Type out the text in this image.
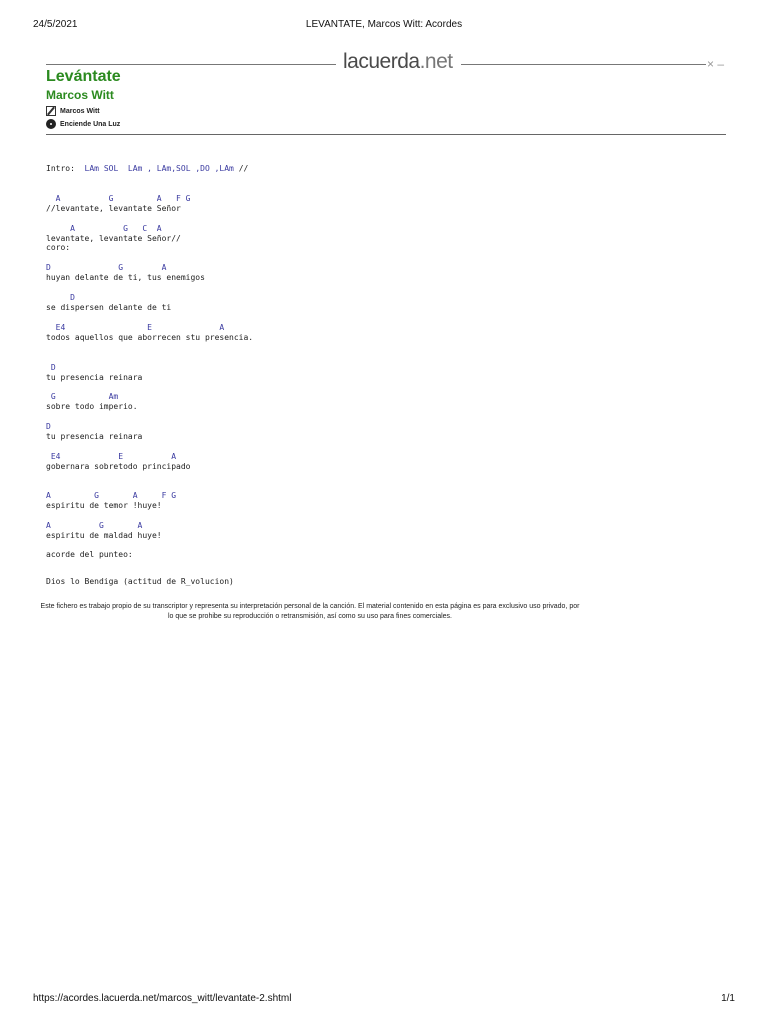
24/5/2021	LEVANTATE, Marcos Witt: Acordes
lacuerda.net	× –
Levántate
Marcos Witt
Marcos Witt
Enciende Una Luz
Intro: LAm SOL  LAm , LAm,SOL ,DO ,LAm //
A          G         A   F G
//levantate, levantate Señor
A          G   C  A
levantate, levantate Señor//
coro:
D              G        A
huyan delante de ti, tus enemigos
D
se dispersen delante de ti
E4                 E              A
todos aquellos que aborrecen stu presencia.
D
tu presencia reinara
G           Am
sobre todo imperio.
D
tu presencia reinara
E4            E          A
gobernara sobretodo principado
A         G       A     F G
espiritu de temor !huye!
A          G       A
espiritu de maldad huye!
acorde del punteo:
Dios lo Bendiga (actitud de R_volucion)
Este fichero es trabajo propio de su transcriptor y representa su interpretación personal de la canción. El material contenido en esta página es para exclusivo uso privado, por lo que se prohibe su reproducción o retransmisión, así como su uso para fines comerciales.
https://acordes.lacuerda.net/marcos_witt/levantate-2.shtml	1/1
